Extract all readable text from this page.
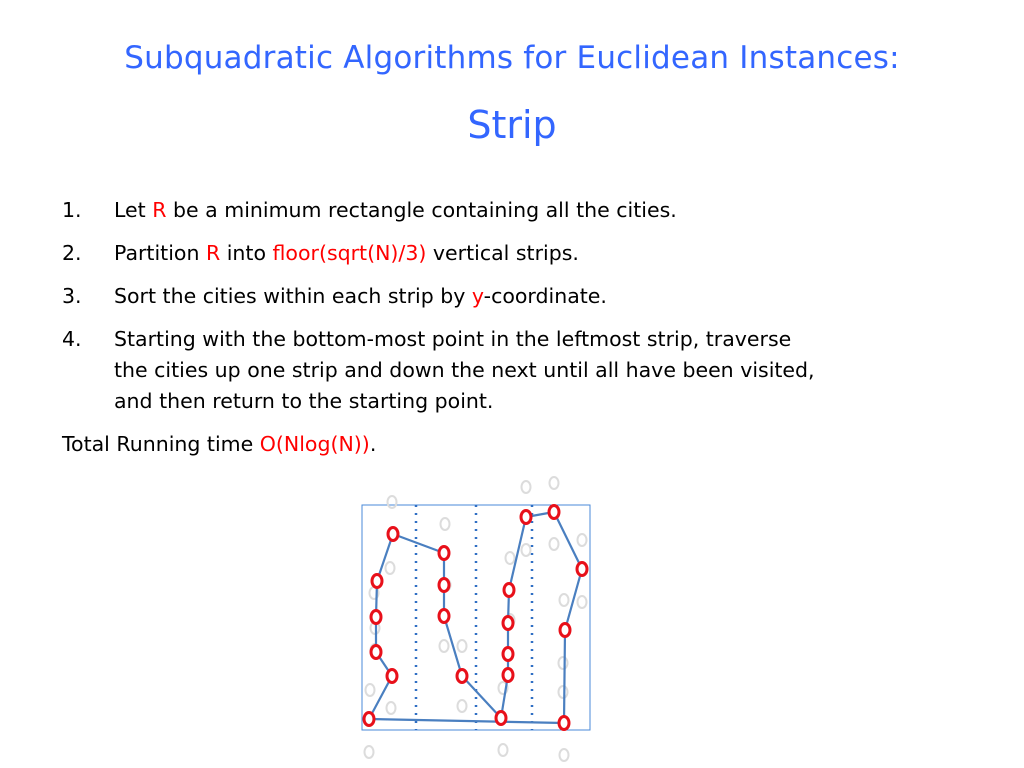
Subquadratic Algorithms for Euclidean Instances:
Strip
1. Let R be a minimum rectangle containing all the cities.
2. Partition R into floor(sqrt(N)/3) vertical strips.
3. Sort the cities within each strip by y-coordinate.
4. Starting with the bottom-most point in the leftmost strip, traverse
the cities up one strip and down the next until all have been visited,
and then return to the starting point.
Total Running time O(Nlog(N)).
